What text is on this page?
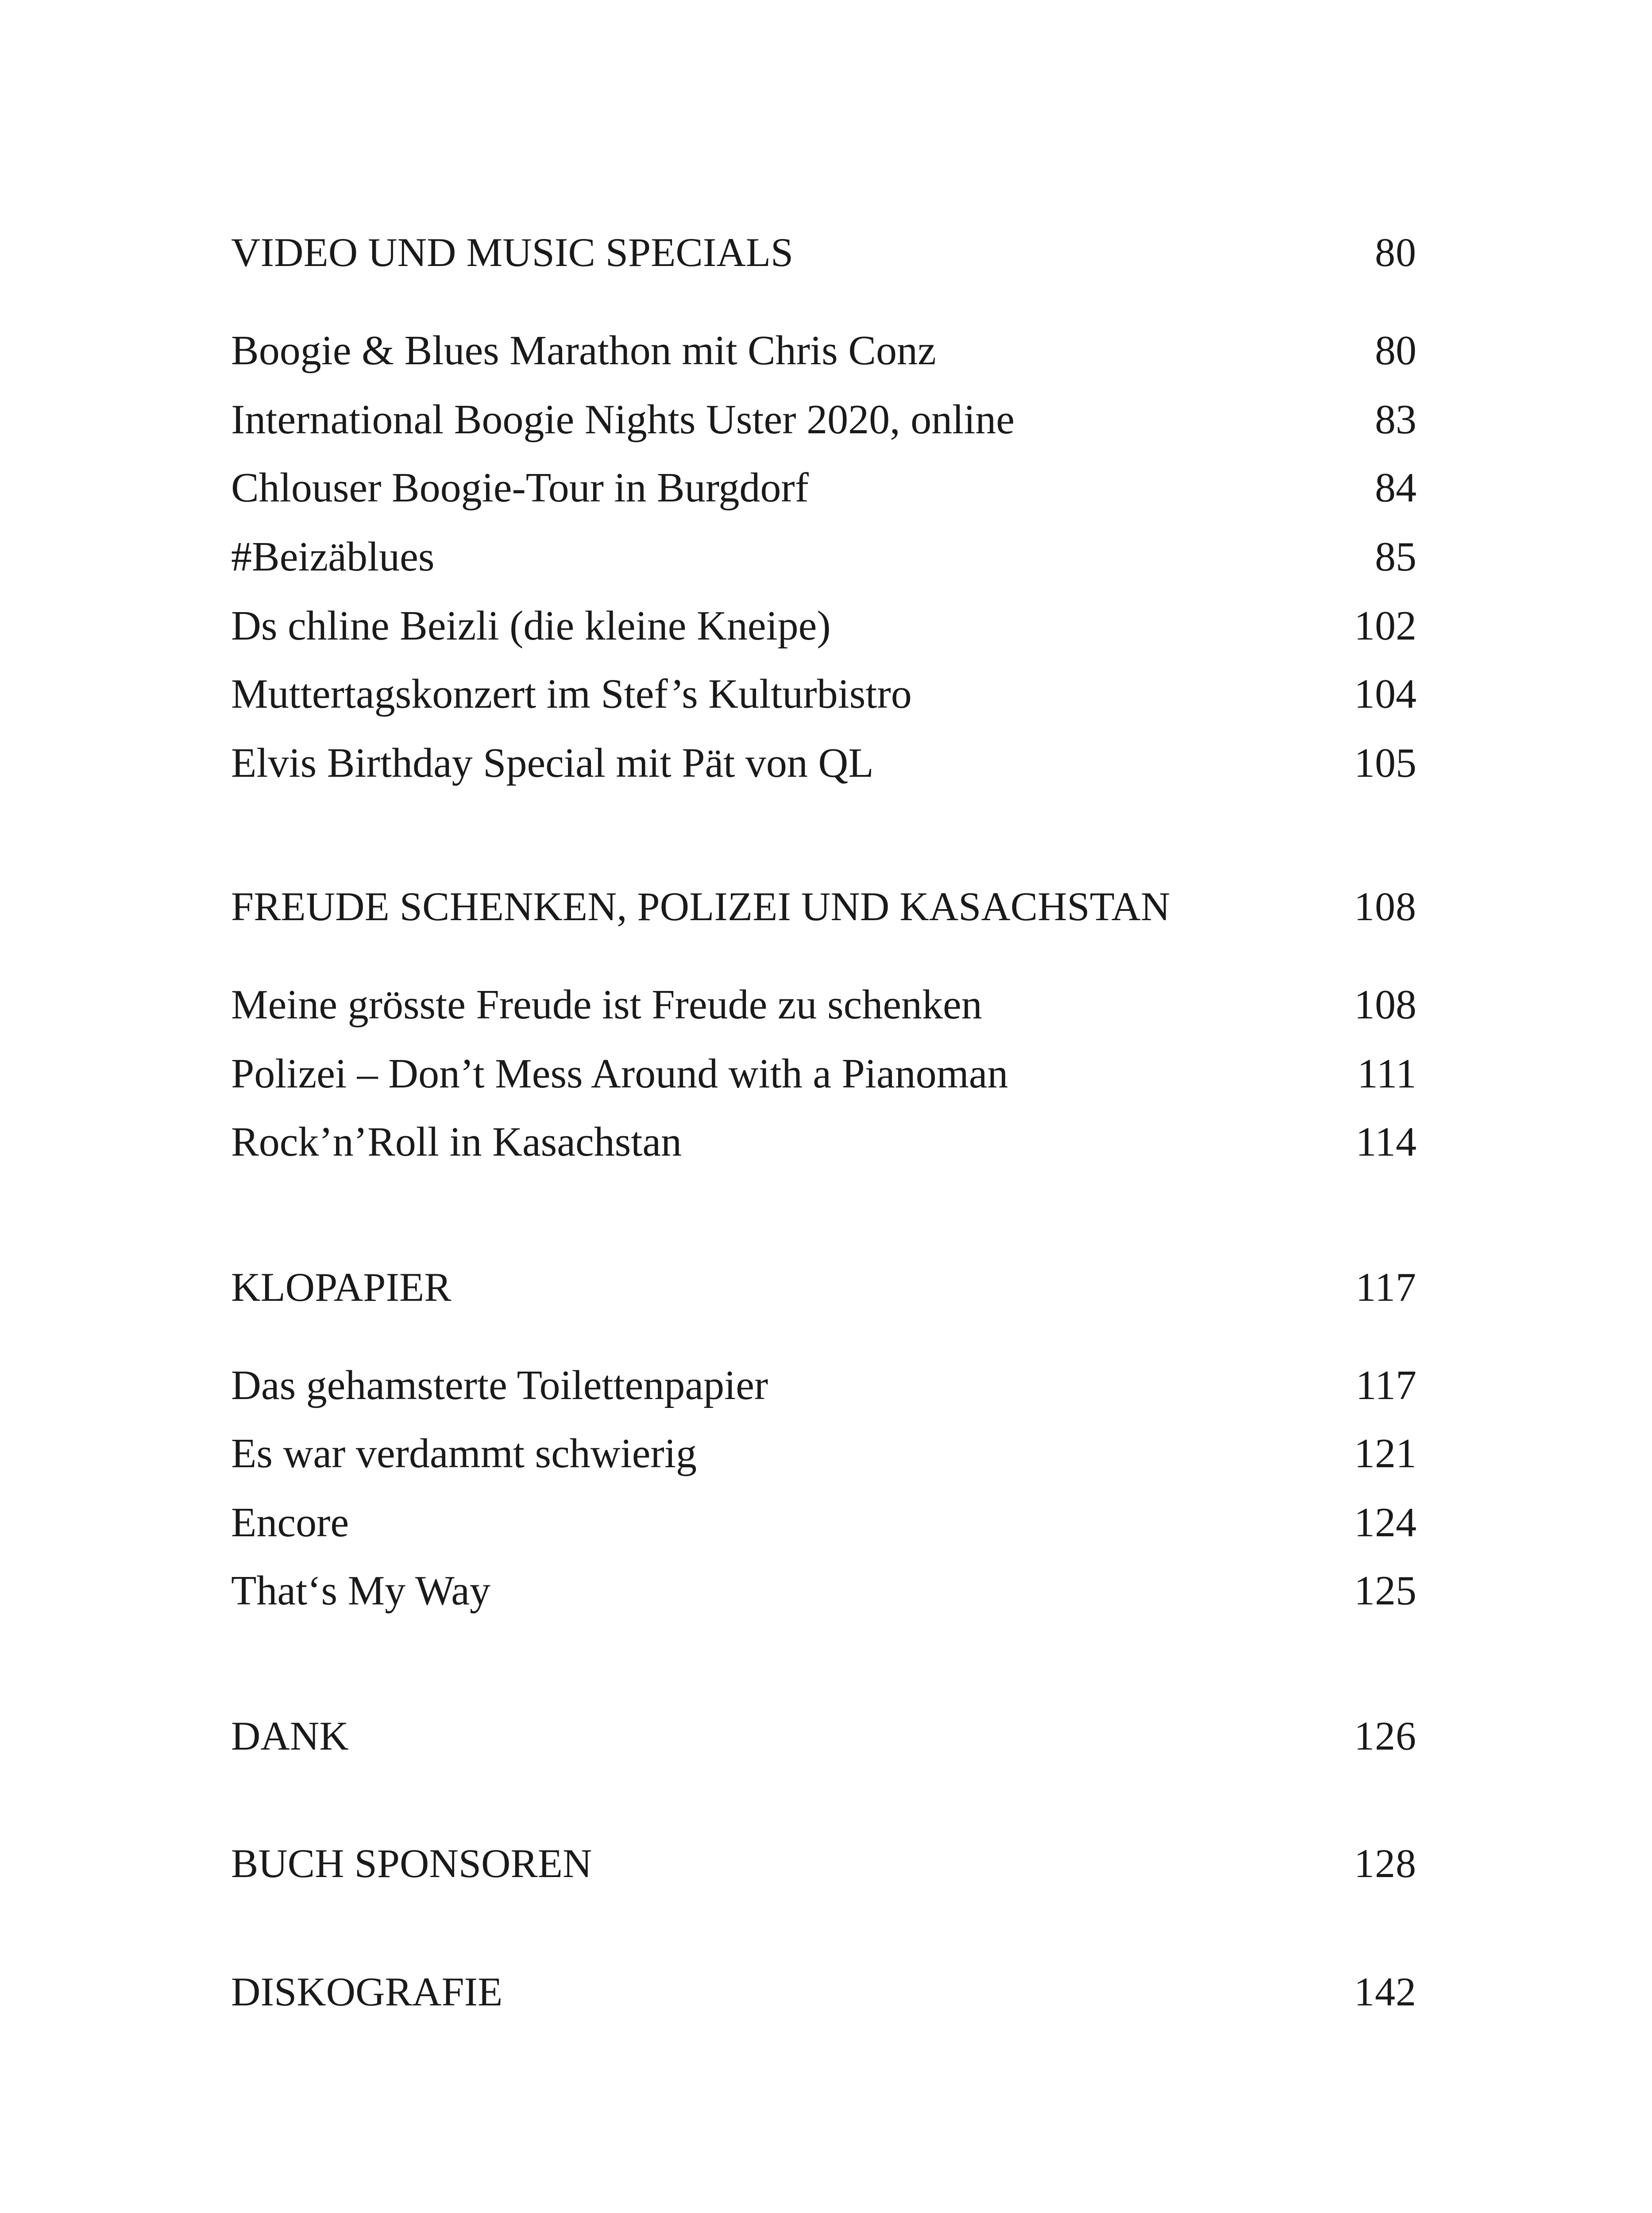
VIDEO UND MUSIC SPECIALS	80
Boogie & Blues Marathon mit Chris Conz	80
International Boogie Nights Uster 2020, online	83
Chlouser Boogie-Tour in Burgdorf	84
#Beizäblues	85
Ds chline Beizli (die kleine Kneipe)	102
Muttertagskonzert im Stef’s Kulturbistro	104
Elvis Birthday Special mit Pät von QL	105
FREUDE SCHENKEN, POLIZEI UND KASACHSTAN	108
Meine grösste Freude ist Freude zu schenken	108
Polizei – Don’t Mess Around with a Pianoman	111
Rock’n’Roll in Kasachstan	114
KLOPAPIER	117
Das gehamsterte Toilettenpapier	117
Es war verdammt schwierig	121
Encore	124
That‘s My Way	125
DANK	126
BUCH SPONSOREN	128
DISKOGRAFIE	142
